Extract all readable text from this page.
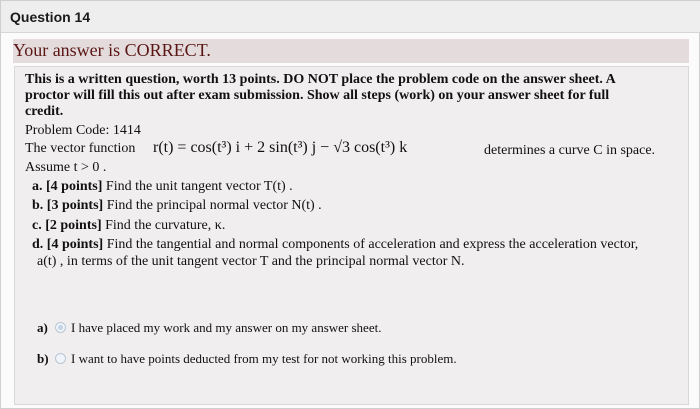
Question 14
Your answer is CORRECT.
This is a written question, worth 13 points. DO NOT place the problem code on the answer sheet. A
proctor will fill this out after exam submission. Show all steps (work) on your answer sheet for full
credit.
Problem Code: 1414
The vector function r(t) = cos(t³) i + 2 sin(t³) j − √3 cos(t³) k	determines a curve C in space.
Assume t > 0 .
a. [4 points] Find the unit tangent vector T(t) .
b. [3 points] Find the principal normal vector N(t) .
c. [2 points] Find the curvature, κ.
d. [4 points] Find the tangential and normal components of acceleration and express the acceleration vector,
a(t) , in terms of the unit tangent vector T and the principal normal vector N.
a) I have placed my work and my answer on my answer sheet.
b) I want to have points deducted from my test for not working this problem.
